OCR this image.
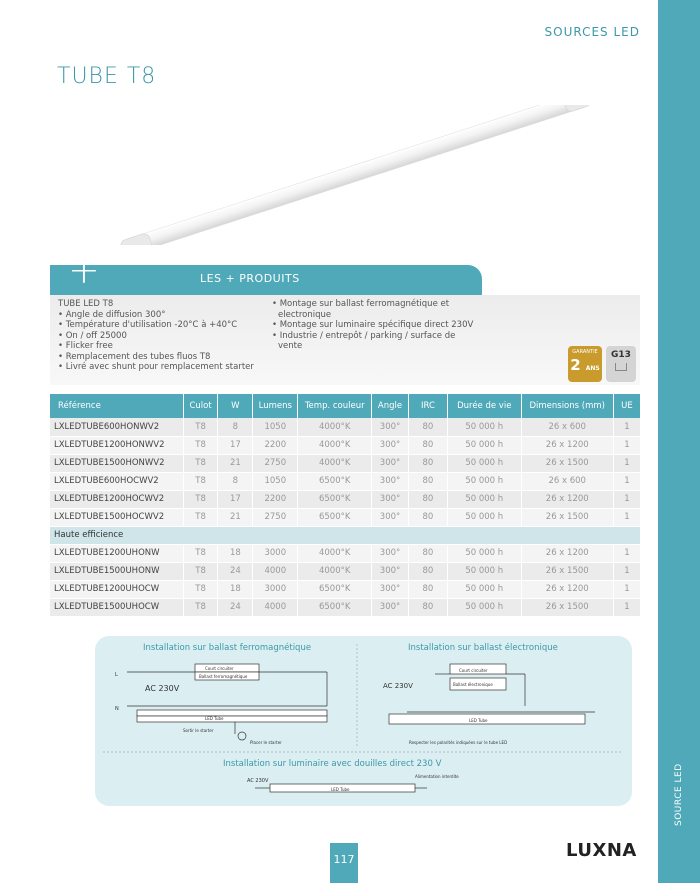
SOURCE LED
SOURCES LED
TUBE T8
+	LES + PRODUITS
TUBE LED T8
• Angle de diffusion 300°
• Température d'utilisation -20°C à +40°C
• On / off 25000
• Flicker free
• Remplacement des tubes fluos T8
• Livré avec shunt pour remplacement starter
• Montage sur ballast ferromagnétique et
electronique
• Montage sur luminaire spécifique direct 230V
• Industrie / entrepôt / parking / surface de
vente
GARANTIE
2 ANS
G13
Référence	Culot	W	Lumens	Temp. couleur	Angle	IRC	Durée de vie	Dimensions (mm)	UE
LXLEDTUBE600HONWV2	T8	8	1050	4000°K	300°	80	50 000 h	26 x 600	1
LXLEDTUBE1200HONWV2	T8	17	2200	4000°K	300°	80	50 000 h	26 x 1200	1
LXLEDTUBE1500HONWV2	T8	21	2750	4000°K	300°	80	50 000 h	26 x 1500	1
LXLEDTUBE600HOCWV2	T8	8	1050	6500°K	300°	80	50 000 h	26 x 600	1
LXLEDTUBE1200HOCWV2	T8	17	2200	6500°K	300°	80	50 000 h	26 x 1200	1
LXLEDTUBE1500HOCWV2	T8	21	2750	6500°K	300°	80	50 000 h	26 x 1500	1
Haute efficience									
LXLEDTUBE1200UHONW	T8	18	3000	4000°K	300°	80	50 000 h	26 x 1200	1
LXLEDTUBE1500UHONW	T8	24	4000	4000°K	300°	80	50 000 h	26 x 1500	1
LXLEDTUBE1200UHOCW	T8	18	3000	6500°K	300°	80	50 000 h	26 x 1200	1
LXLEDTUBE1500UHOCW	T8	24	4000	6500°K	300°	80	50 000 h	26 x 1500	1
Installation sur ballast ferromagnétique	Installation sur ballast électronique
Installation sur luminaire avec douilles direct 230 V
L
N
AC 230V
Court circuiter
Ballast ferromagnétique
LED Tube
Sortir le starter
Placer le starter
Court circuiter
Ballast électronique
AC 230V
LED Tube
Respecter les polarités indiquées sur le tube LED
AC 230V
LED Tube
Alimentation interdite
117	LUXNA
